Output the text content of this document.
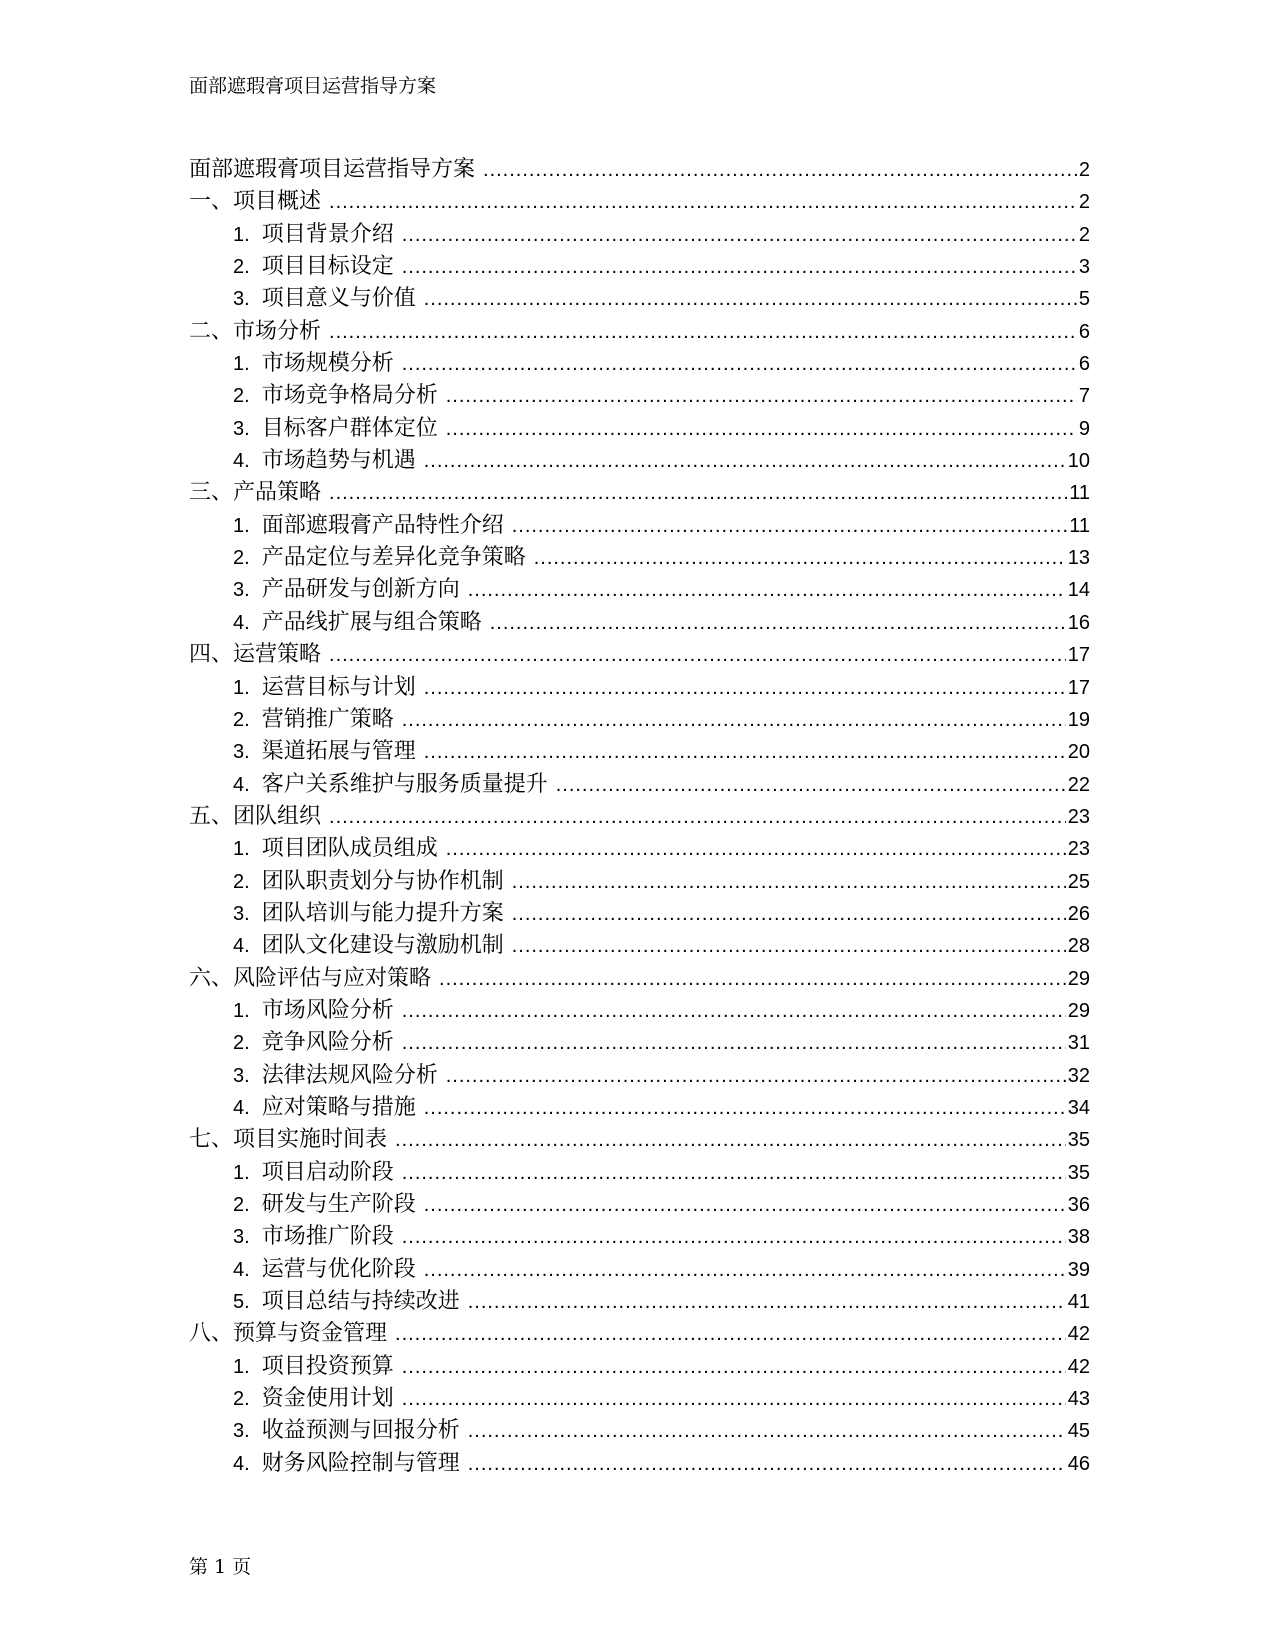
面部遮瑕膏项目运营指导方案
面部遮瑕膏项目运营指导方案 .....	2
一、项目概述 .....	2
1. 项目背景介绍 .....	2
2. 项目目标设定 .....	3
3. 项目意义与价值 .....	5
二、市场分析 .....	6
1. 市场规模分析 .....	6
2. 市场竞争格局分析 .....	7
3. 目标客户群体定位 .....	9
4. 市场趋势与机遇 .....	10
三、产品策略 .....	11
1. 面部遮瑕膏产品特性介绍 .....	11
2. 产品定位与差异化竞争策略 .....	13
3. 产品研发与创新方向 .....	14
4. 产品线扩展与组合策略 .....	16
四、运营策略 .....	17
1. 运营目标与计划 .....	17
2. 营销推广策略 .....	19
3. 渠道拓展与管理 .....	20
4. 客户关系维护与服务质量提升 .....	22
五、团队组织 .....	23
1. 项目团队成员组成 .....	23
2. 团队职责划分与协作机制 .....	25
3. 团队培训与能力提升方案 .....	26
4. 团队文化建设与激励机制 .....	28
六、风险评估与应对策略 .....	29
1. 市场风险分析 .....	29
2. 竞争风险分析 .....	31
3. 法律法规风险分析 .....	32
4. 应对策略与措施 .....	34
七、项目实施时间表 .....	35
1. 项目启动阶段 .....	35
2. 研发与生产阶段 .....	36
3. 市场推广阶段 .....	38
4. 运营与优化阶段 .....	39
5. 项目总结与持续改进 .....	41
八、预算与资金管理 .....	42
1. 项目投资预算 .....	42
2. 资金使用计划 .....	43
3. 收益预测与回报分析 .....	45
4. 财务风险控制与管理 .....	46
第 1 页
